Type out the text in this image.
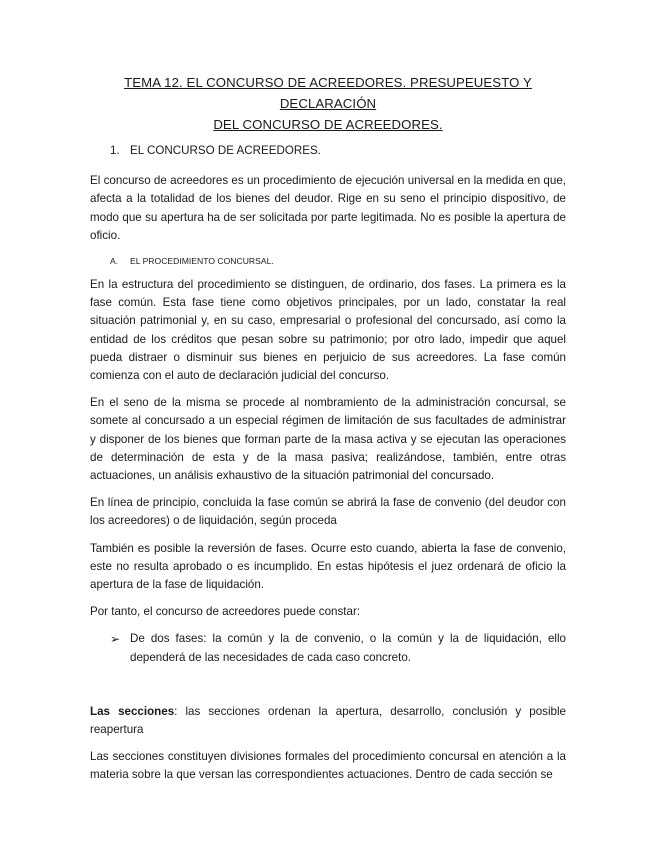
TEMA 12. EL CONCURSO DE ACREEDORES. PRESUPEUESTO Y DECLARACIÓN
DEL CONCURSO DE ACREEDORES.
1. EL CONCURSO DE ACREEDORES.

El concurso de acreedores es un procedimiento de ejecución universal en la medida en que, afecta a la totalidad de los bienes del deudor. Rige en su seno el principio dispositivo, de modo que su apertura ha de ser solicitada por parte legitimada. No es posible la apertura de oficio.

A. EL PROCEDIMIENTO CONCURSAL.

En la estructura del procedimiento se distinguen, de ordinario, dos fases. La primera es la fase común. Esta fase tiene como objetivos principales, por un lado, constatar la real situación patrimonial y, en su caso, empresarial o profesional del concursado, así como la entidad de los créditos que pesan sobre su patrimonio; por otro lado, impedir que aquel pueda distraer o disminuir sus bienes en perjuicio de sus acreedores. La fase común comienza con el auto de declaración judicial del concurso.

En el seno de la misma se procede al nombramiento de la administración concursal, se somete al concursado a un especial régimen de limitación de sus facultades de administrar y disponer de los bienes que forman parte de la masa activa y se ejecutan las operaciones de determinación de esta y de la masa pasiva; realizándose, también, entre otras actuaciones, un análisis exhaustivo de la situación patrimonial del concursado.

En línea de principio, concluida la fase común se abrirá la fase de convenio (del deudor con los acreedores) o de liquidación, según proceda

También es posible la reversión de fases. Ocurre esto cuando, abierta la fase de convenio, este no resulta aprobado o es incumplido. En estas hipótesis el juez ordenará de oficio la apertura de la fase de liquidación.

Por tanto, el concurso de acreedores puede constar:

➢ De dos fases: la común y la de convenio, o la común y la de liquidación, ello dependerá de las necesidades de cada caso concreto.

Las secciones: las secciones ordenan la apertura, desarrollo, conclusión y posible reapertura

Las secciones constituyen divisiones formales del procedimiento concursal en atención a la materia sobre la que versan las correspondientes actuaciones. Dentro de cada sección se
